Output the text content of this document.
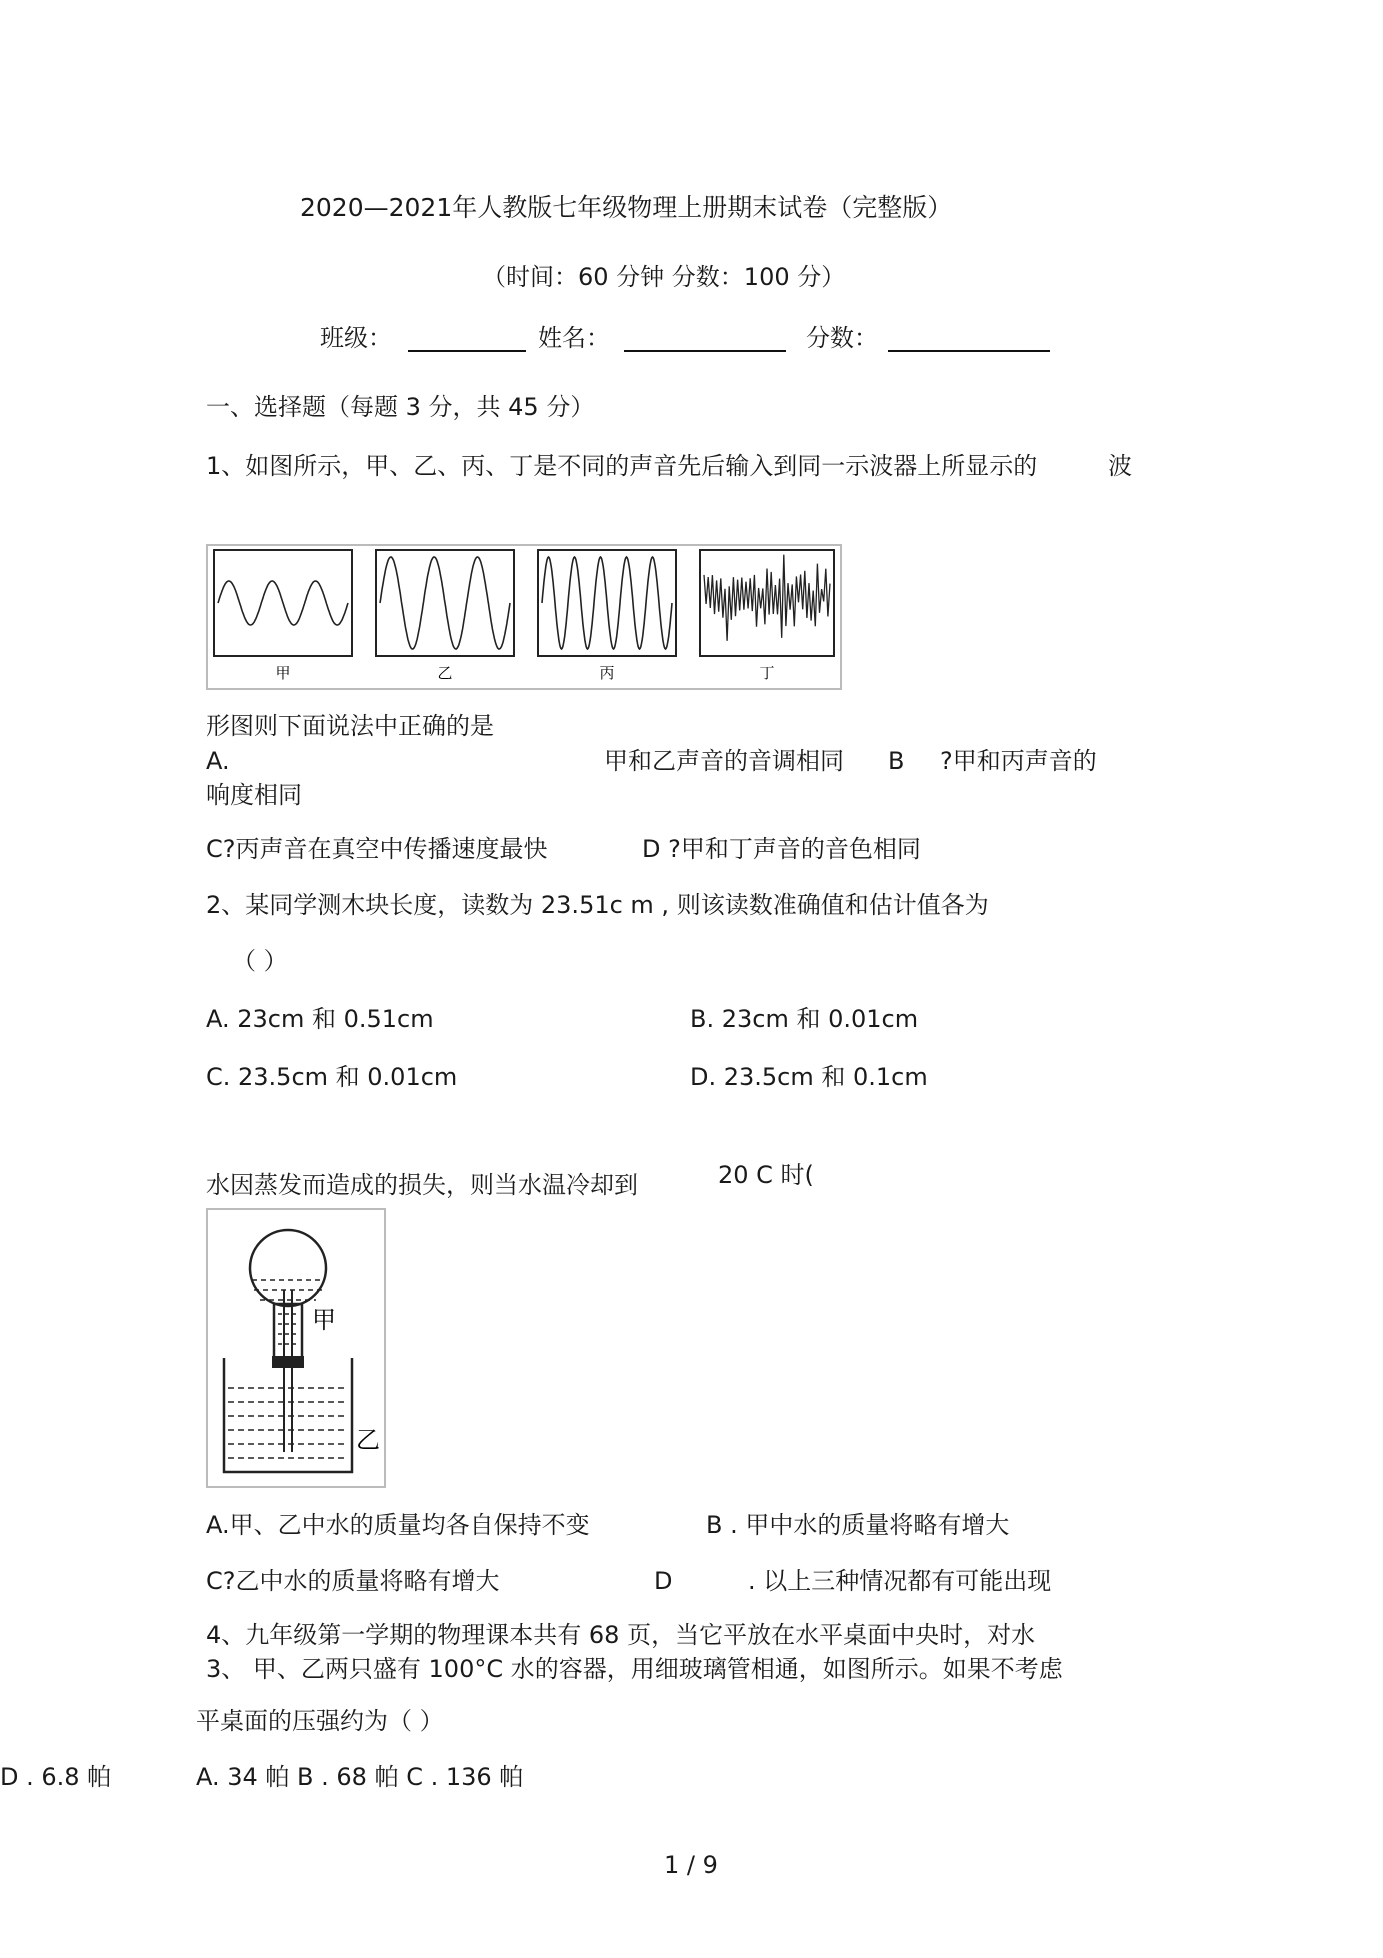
2020—2021年人教版七年级物理上册期末试卷（完整版）
（时间：60 分钟 分数：100 分）
班级：	姓名：	分数：
一、选择题（每题 3 分，共 45 分）
1、如图所示，甲、乙、丙、丁是不同的声音先后输入到同一示波器上所显示的	波
甲	乙	丙	丁
形图则下面说法中正确的是
A.	甲和乙声音的音调相同 B ?甲和丙声音的
响度相同
C?丙声音在真空中传播速度最快	D ?甲和丁声音的音色相同
2、某同学测木块长度，读数为 23.51c m , 则该读数准确值和估计值各为
（ ）
A. 23cm 和 0.51cm	B. 23cm 和 0.01cm
C. 23.5cm 和 0.01cm	D. 23.5cm 和 0.1cm
水因蒸发而造成的损失，则当水温冷却到	20 C 时(
甲
乙
A.甲、乙中水的质量均各自保持不变	B . 甲中水的质量将略有增大
C?乙中水的质量将略有增大	D	. 以上三种情况都有可能出现
4、九年级第一学期的物理课本共有 68 页，当它平放在水平桌面中央时，对水
3、 甲、乙两只盛有 100°C 水的容器，用细玻璃管相通，如图所示。如果不考虑
平桌面的压强约为（ ）
D . 6.8 帕	A. 34 帕 B . 68 帕 C . 136 帕
1 / 9
